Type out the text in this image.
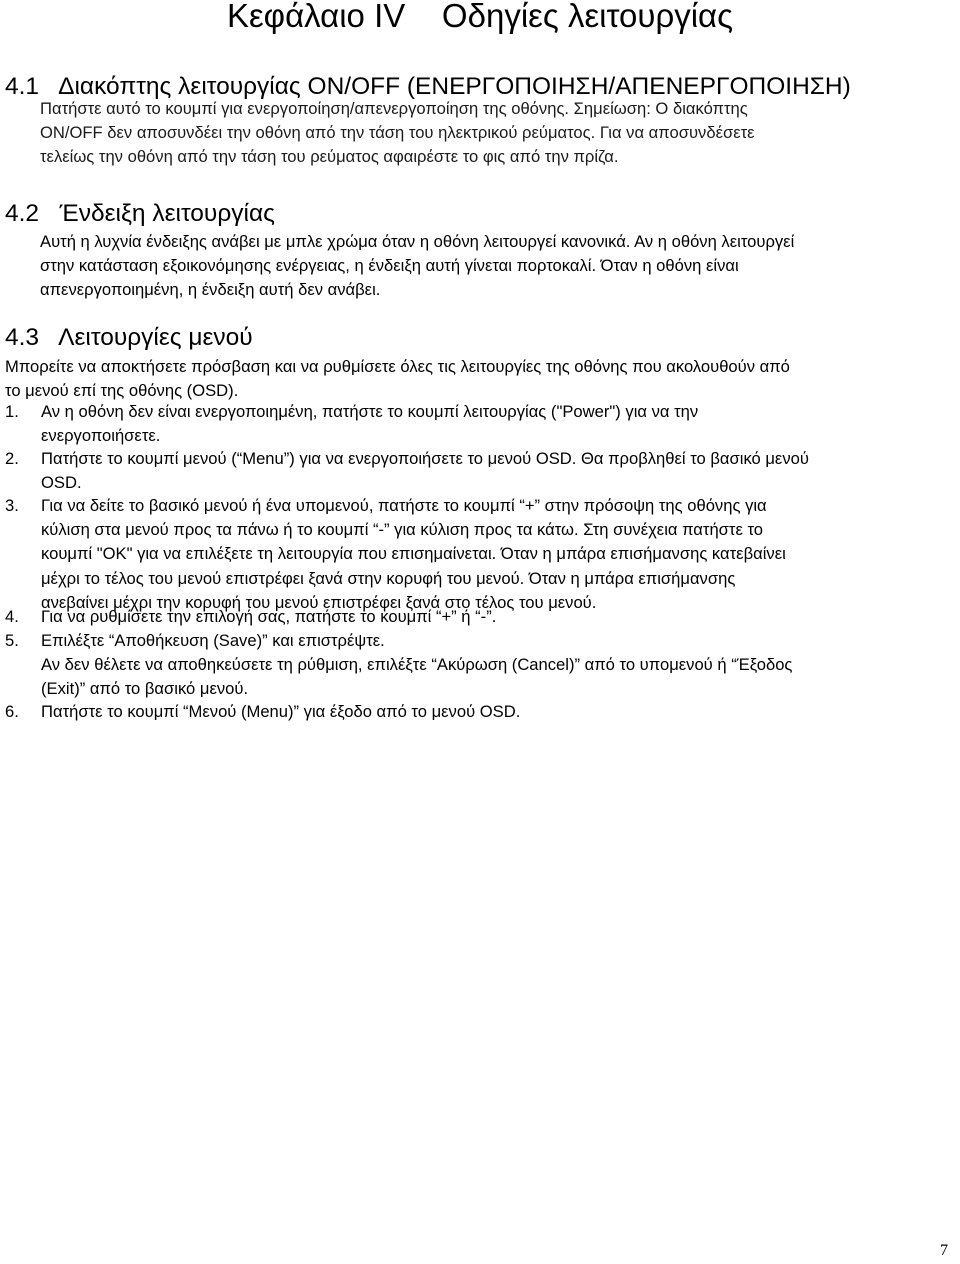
Κεφάλαιο IV    Οδηγίες λειτουργίας
4.1   Διακόπτης λειτουργίας ON/OFF (ΕΝΕΡΓΟΠΟΙΗΣΗ/ΑΠΕΝΕΡΓΟΠΟΙΗΣΗ)
Πατήστε αυτό το κουμπί για ενεργοποίηση/απενεργοποίηση της οθόνης. Σημείωση: Ο διακόπτης
ON/OFF δεν αποσυνδέει την οθόνη από την τάση του ηλεκτρικού ρεύματος. Για να αποσυνδέσετε
τελείως την οθόνη από την τάση του ρεύματος αφαιρέστε το φις από την πρίζα.
4.2   Ένδειξη λειτουργίας
Αυτή η λυχνία ένδειξης ανάβει με μπλε χρώμα όταν η οθόνη λειτουργεί κανονικά. Αν η οθόνη λειτουργεί
στην κατάσταση εξοικονόμησης ενέργειας, η ένδειξη αυτή γίνεται πορτοκαλί. Όταν η οθόνη είναι
απενεργοποιημένη, η ένδειξη αυτή δεν ανάβει.
4.3   Λειτουργίες μενού
Μπορείτε να αποκτήσετε πρόσβαση και να ρυθμίσετε όλες τις λειτουργίες της οθόνης που ακολουθούν από
το μενού επί της οθόνης (OSD).
1. Αν η οθόνη δεν είναι ενεργοποιημένη, πατήστε το κουμπί λειτουργίας ("Power") για να την
ενεργοποιήσετε.
2. Πατήστε το κουμπί μενού (“Menu”) για να ενεργοποιήσετε το μενού OSD. Θα προβληθεί το βασικό μενού
OSD.
3. Για να δείτε το βασικό μενού ή ένα υπομενού, πατήστε το κουμπί “+” στην πρόσοψη της οθόνης για
κύλιση στα μενού προς τα πάνω ή το κουμπί “-” για κύλιση προς τα κάτω. Στη συνέχεια πατήστε το
κουμπί "OK" για να επιλέξετε τη λειτουργία που επισημαίνεται. Όταν η μπάρα επισήμανσης κατεβαίνει
μέχρι το τέλος του μενού επιστρέφει ξανά στην κορυφή του μενού. Όταν η μπάρα επισήμανσης
ανεβαίνει μέχρι την κορυφή του μενού επιστρέφει ξανά στο τέλος του μενού.
4. Για να ρυθμίσετε την επιλογή σας, πατήστε το κουμπί “+” ή “-”.
5. Επιλέξτε “Αποθήκευση (Save)” και επιστρέψτε.
Αν δεν θέλετε να αποθηκεύσετε τη ρύθμιση, επιλέξτε “Ακύρωση (Cancel)” από το υπομενού ή “Έξοδος
(Exit)” από το βασικό μενού.
6. Πατήστε το κουμπί “Μενού (Menu)” για έξοδο από το μενού OSD.
7
